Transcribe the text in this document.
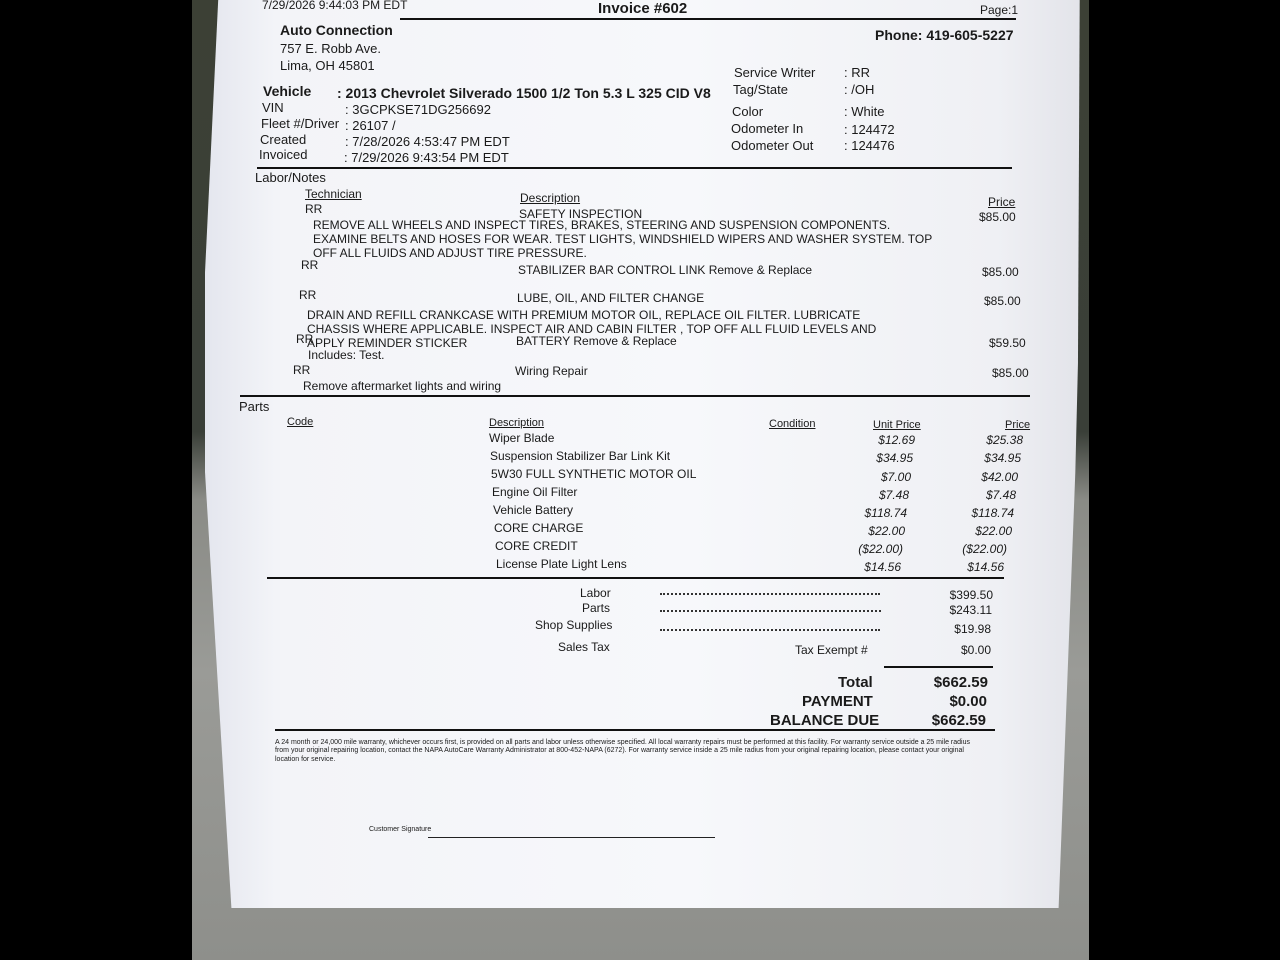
7/29/2026 9:44:03 PM EDT	Invoice #602	Page:1
Auto Connection
757 E. Robb Ave.
Lima, OH 45801
Phone: 419-605-5227
Vehicle : 2013 Chevrolet Silverado 1500 1/2 Ton 5.3 L 325 CID V8
VIN	: 3GCPKSE71DG256692
Fleet #/Driver : 26107 /
Created	: 7/28/2026 4:53:47 PM EDT
Invoiced	: 7/29/2026 9:43:54 PM EDT
Service Writer : RR
Tag/State	: /OH
Color	: White
Odometer In	: 124472
Odometer Out : 124476
Labor/Notes
Technician	Description	Price
RR	SAFETY INSPECTION	$85.00
REMOVE ALL WHEELS AND INSPECT TIRES, BRAKES, STEERING AND SUSPENSION COMPONENTS. EXAMINE BELTS AND HOSES FOR WEAR. TEST LIGHTS, WINDSHIELD WIPERS AND WASHER SYSTEM. TOP OFF ALL FLUIDS AND ADJUST TIRE PRESSURE.
RR	STABILIZER BAR CONTROL LINK Remove & Replace	$85.00
RR	LUBE, OIL, AND FILTER CHANGE	$85.00
DRAIN AND REFILL CRANKCASE WITH PREMIUM MOTOR OIL, REPLACE OIL FILTER. LUBRICATE CHASSIS WHERE APPLICABLE. INSPECT AIR AND CABIN FILTER , TOP OFF ALL FLUID LEVELS AND APPLY REMINDER STICKER
RR	BATTERY Remove & Replace	$59.50
Includes: Test.
RR	Wiring Repair	$85.00
Remove aftermarket lights and wiring
Parts
Code	Description	Condition	Unit Price	Price
Wiper Blade	$12.69	$25.38
Suspension Stabilizer Bar Link Kit	$34.95	$34.95
5W30 FULL SYNTHETIC MOTOR OIL	$7.00	$42.00
Engine Oil Filter	$7.48	$7.48
Vehicle Battery	$118.74	$118.74
CORE CHARGE	$22.00	$22.00
CORE CREDIT	($22.00)	($22.00)
License Plate Light Lens	$14.56	$14.56
Labor	$399.50
Parts	$243.11
Shop Supplies	$19.98
Sales Tax	Tax Exempt #	$0.00
Total	$662.59
PAYMENT	$0.00
BALANCE DUE	$662.59
A 24 month or 24,000 mile warranty, whichever occurs first, is provided on all parts and labor unless otherwise specified. All local warranty repairs must be performed at this facility. For warranty service outside a 25 mile radius from your original repairing location, contact the NAPA AutoCare Warranty Administrator at 800-452-NAPA (6272). For warranty service inside a 25 mile radius from your original repairing location, please contact your original location for service.
Customer Signature
